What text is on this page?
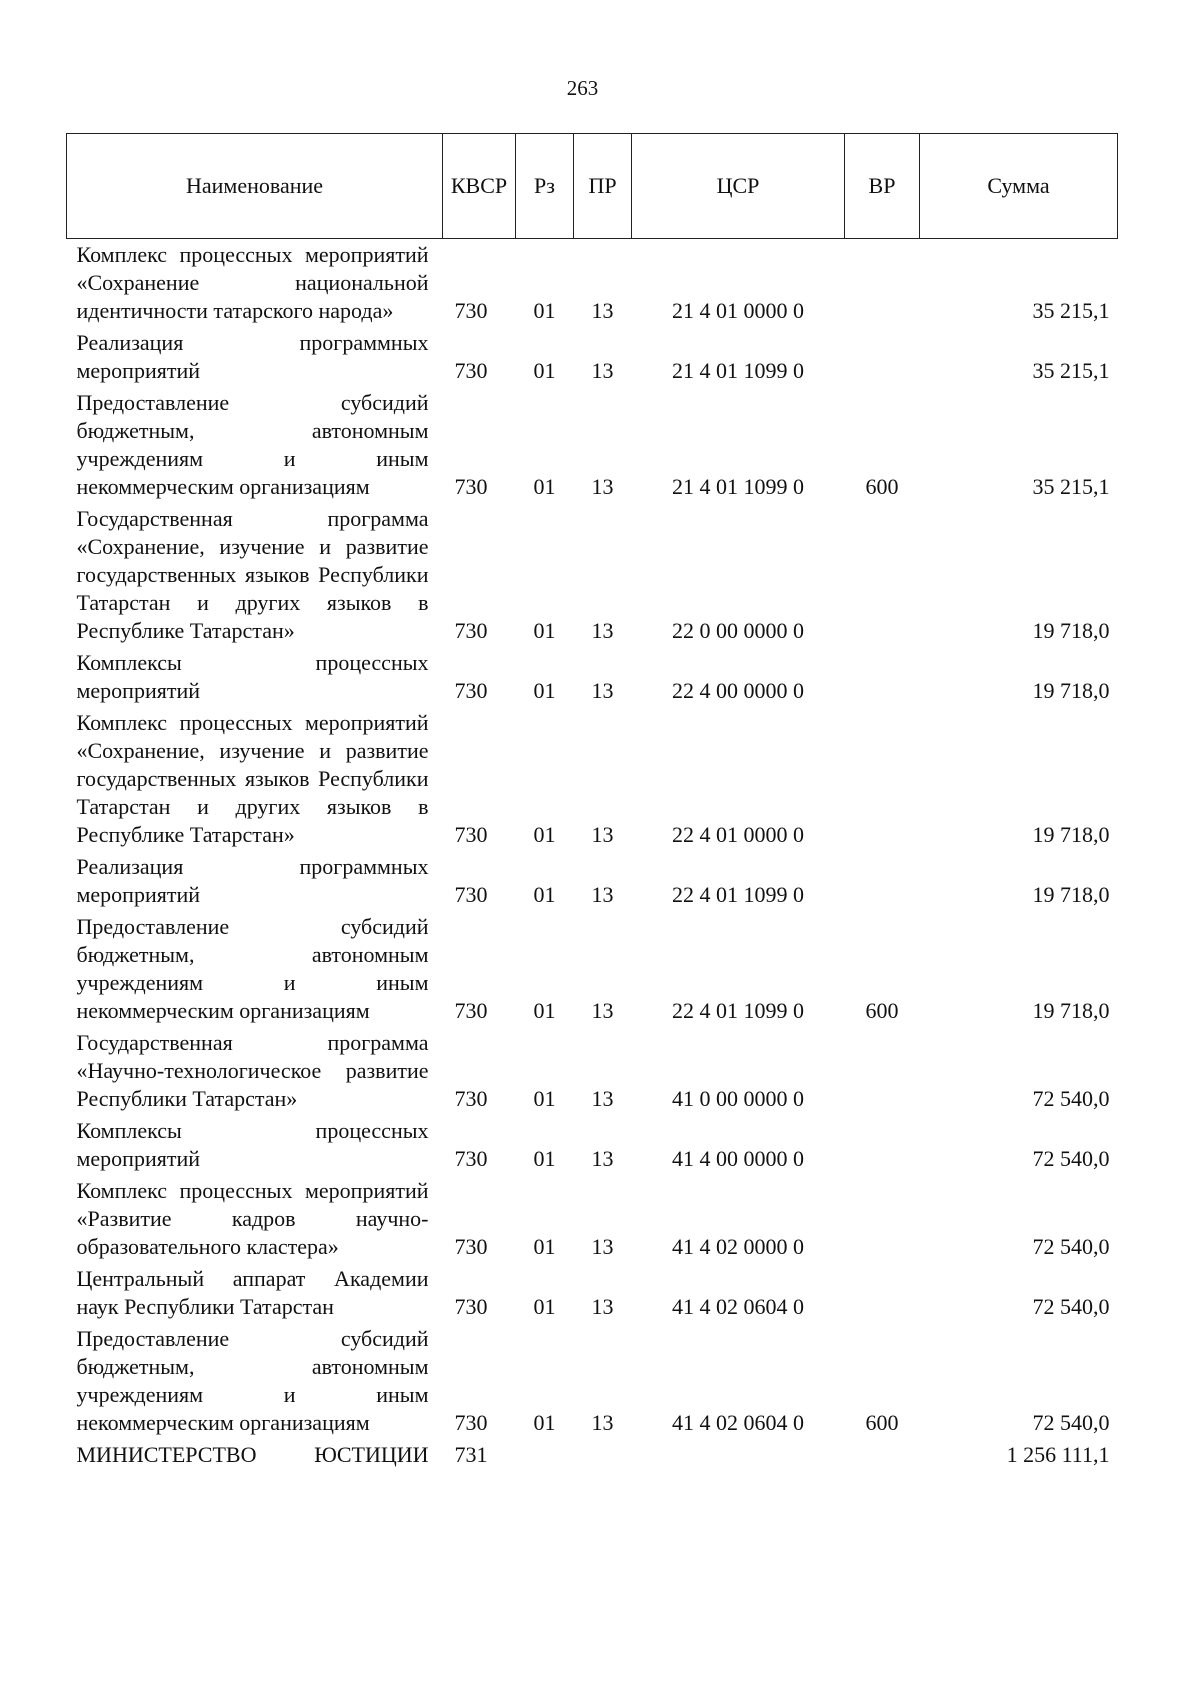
263
Наименование	КВСР	Рз	ПР	ЦСР	ВР	Сумма
Комплекс процессных мероприятий «Сохранение национальной идентичности татарского народа»	730	01	13	21 4 01 0000 0		35 215,1
Реализация программных мероприятий	730	01	13	21 4 01 1099 0		35 215,1
Предоставление субсидий бюджетным, автономным учреждениям и иным некоммерческим организациям	730	01	13	21 4 01 1099 0	600	35 215,1
Государственная программа «Сохранение, изучение и развитие государственных языков Республики Татарстан и других языков в Республике Татарстан»	730	01	13	22 0 00 0000 0		19 718,0
Комплексы процессных мероприятий	730	01	13	22 4 00 0000 0		19 718,0
Комплекс процессных мероприятий «Сохранение, изучение и развитие государственных языков Республики Татарстан и других языков в Республике Татарстан»	730	01	13	22 4 01 0000 0		19 718,0
Реализация программных мероприятий	730	01	13	22 4 01 1099 0		19 718,0
Предоставление субсидий бюджетным, автономным учреждениям и иным некоммерческим организациям	730	01	13	22 4 01 1099 0	600	19 718,0
Государственная программа «Научно-технологическое развитие Республики Татарстан»	730	01	13	41 0 00 0000 0		72 540,0
Комплексы процессных мероприятий	730	01	13	41 4 00 0000 0		72 540,0
Комплекс процессных мероприятий «Развитие кадров научно-образовательного кластера»	730	01	13	41 4 02 0000 0		72 540,0
Центральный аппарат Академии наук Республики Татарстан	730	01	13	41 4 02 0604 0		72 540,0
Предоставление субсидий бюджетным, автономным учреждениям и иным некоммерческим организациям	730	01	13	41 4 02 0604 0	600	72 540,0
МИНИСТЕРСТВО ЮСТИЦИИ	731					1 256 111,1
